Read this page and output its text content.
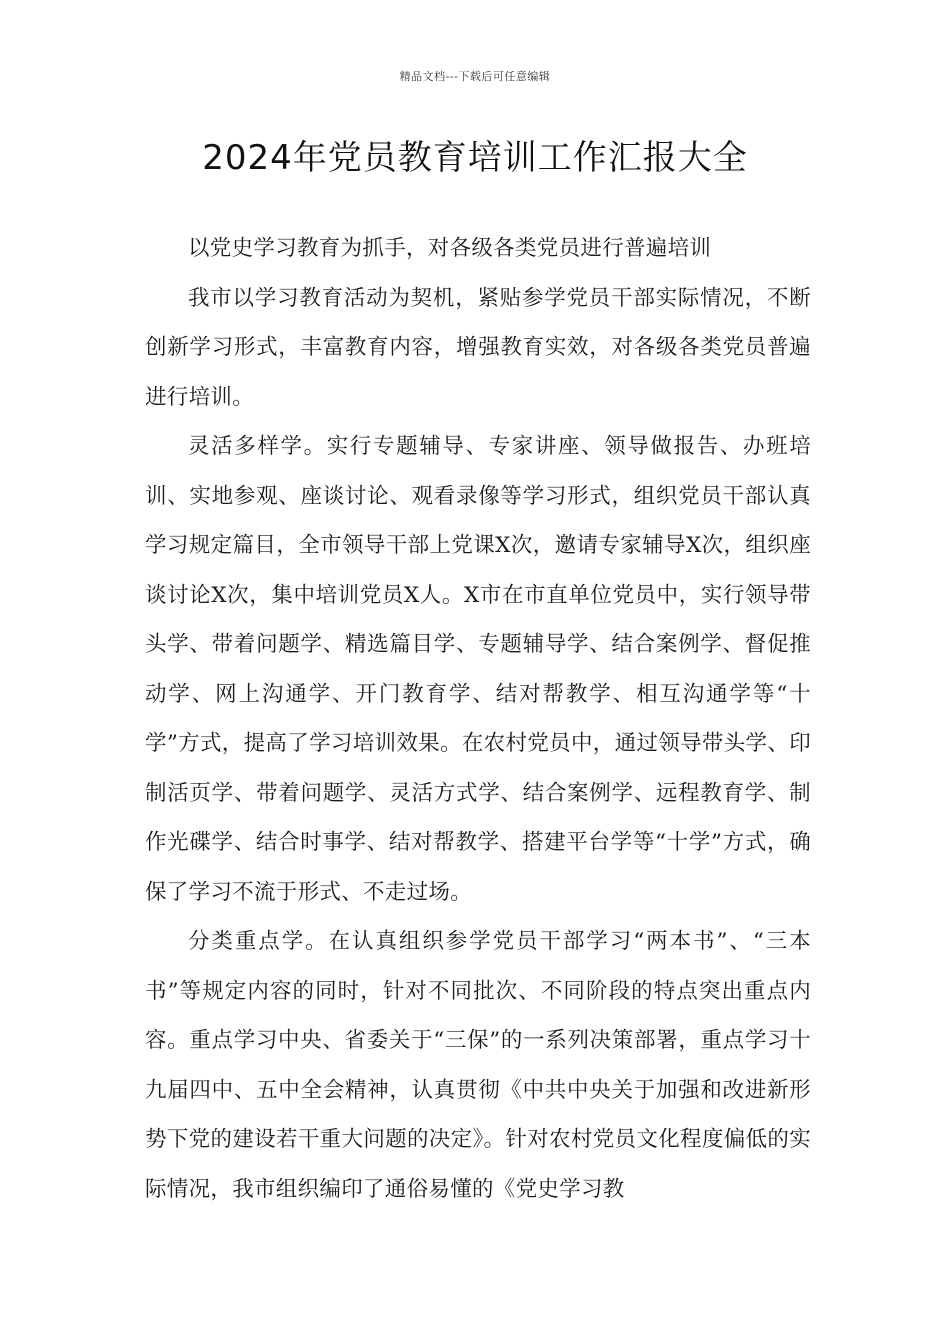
精品文档---下载后可任意编辑
2024年党员教育培训工作汇报大全

以党史学习教育为抓手，对各级各类党员进行普遍培训

我市以学习教育活动为契机，紧贴参学党员干部实际情况，不断创新学习形式，丰富教育内容，增强教育实效，对各级各类党员普遍进行培训。

灵活多样学。实行专题辅导、专家讲座、领导做报告、办班培训、实地参观、座谈讨论、观看录像等学习形式，组织党员干部认真学习规定篇目，全市领导干部上党课X次，邀请专家辅导X次，组织座谈讨论X次，集中培训党员X人。X市在市直单位党员中，实行领导带头学、带着问题学、精选篇目学、专题辅导学、结合案例学、督促推动学、网上沟通学、开门教育学、结对帮教学、相互沟通学等“十学”方式，提高了学习培训效果。在农村党员中，通过领导带头学、印制活页学、带着问题学、灵活方式学、结合案例学、远程教育学、制作光碟学、结合时事学、结对帮教学、搭建平台学等“十学”方式，确保了学习不流于形式、不走过场。

分类重点学。在认真组织参学党员干部学习“两本书”、“三本书”等规定内容的同时，针对不同批次、不同阶段的特点突出重点内容。重点学习中央、省委关于“三保”的一系列决策部署，重点学习十九届四中、五中全会精神，认真贯彻《中共中央关于加强和改进新形势下党的建设若干重大问题的决定》。针对农村党员文化程度偏低的实际情况，我市组织编印了通俗易懂的《党史学习教
